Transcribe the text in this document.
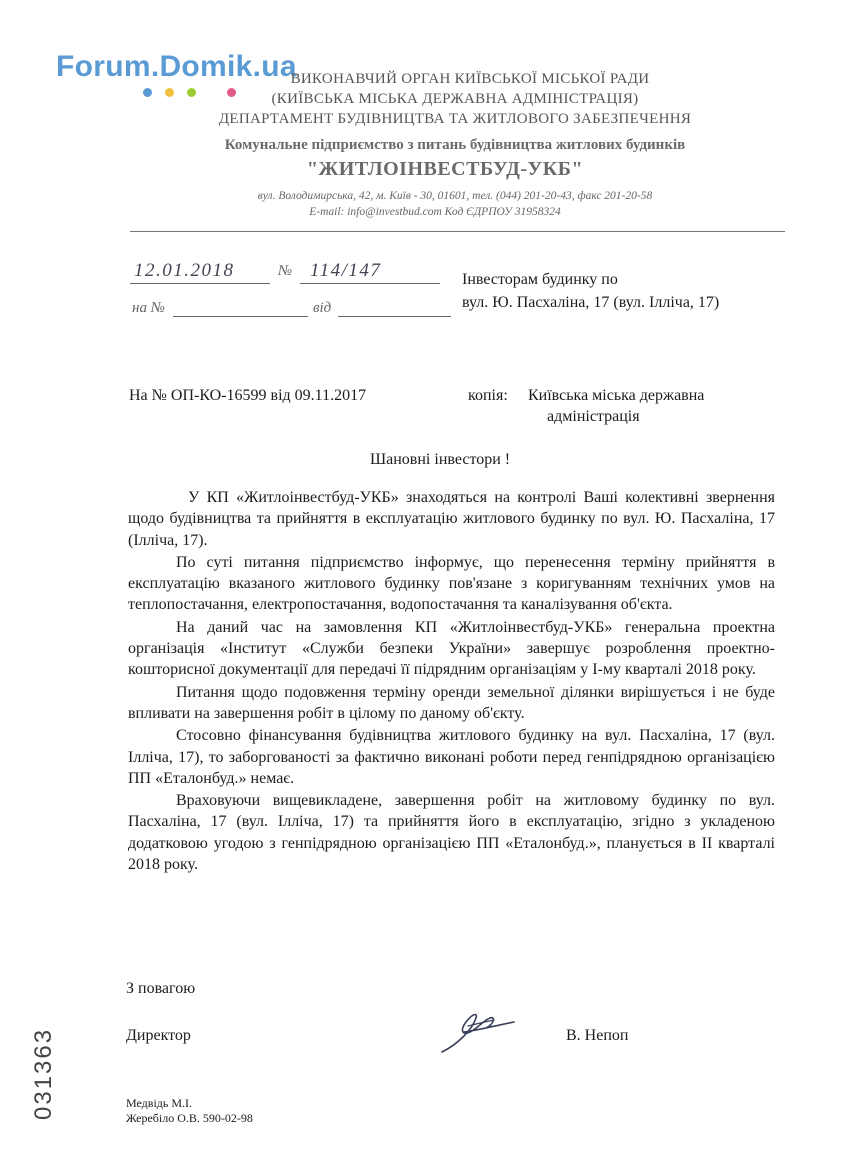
Forum.Domik.ua
ВИКОНАВЧИЙ ОРГАН КИЇВСЬКОЇ МІСЬКОЇ РАДИ
(КИЇВСЬКА МІСЬКА ДЕРЖАВНА АДМІНІСТРАЦІЯ)
ДЕПАРТАМЕНТ БУДІВНИЦТВА ТА ЖИТЛОВОГО ЗАБЕЗПЕЧЕННЯ
Комунальне підприємство з питань будівництва житлових будинків
"ЖИТЛОІНВЕСТБУД-УКБ"
вул. Володимирська, 42, м. Київ - 30, 01601, тел. (044) 201-20-43, факс 201-20-58
E-mail: info@investbud.com Код ЄДРПОУ 31958324
12.01.2018	№ 114/147
на №	від
Інвесторам будинку по
вул. Ю. Пасхаліна, 17 (вул. Ілліча, 17)
На № ОП-КО-16599 від 09.11.2017	копія: Київська міська державна
адміністрація
Шановні інвестори !

У КП «Житлоінвестбуд-УКБ» знаходяться на контролі Ваші колективні звернення щодо будівництва та прийняття в експлуатацію житлового будинку по вул. Ю. Пасхаліна, 17 (Ілліча, 17).

По суті питання підприємство інформує, що перенесення терміну прийняття в експлуатацію вказаного житлового будинку пов'язане з коригуванням технічних умов на теплопостачання, електропостачання, водопостачання та каналізування об'єкта.

На даний час на замовлення КП «Житлоінвестбуд-УКБ» генеральна проектна організація «Інститут «Служби безпеки України» завершує розроблення проектно-кошторисної документації для передачі її підрядним організаціям у І-му кварталі 2018 року.

Питання щодо подовження терміну оренди земельної ділянки вирішується і не буде впливати на завершення робіт в цілому по даному об'єкту.

Стосовно фінансування будівництва житлового будинку на вул. Пасхаліна, 17 (вул. Ілліча, 17), то заборгованості за фактично виконані роботи перед генпідрядною організацією ПП «Еталонбуд.» немає.

Враховуючи вищевикладене, завершення робіт на житловому будинку по вул. Пасхаліна, 17 (вул. Ілліча, 17) та прийняття його в експлуатацію, згідно з укладеною додатковою угодою з генпідрядною організацією ПП «Еталонбуд.», планується в ІІ кварталі 2018 року.

З повагою
Директор	В. Непоп
Медвідь М.І.
Жеребіло О.В. 590-02-98
031363
